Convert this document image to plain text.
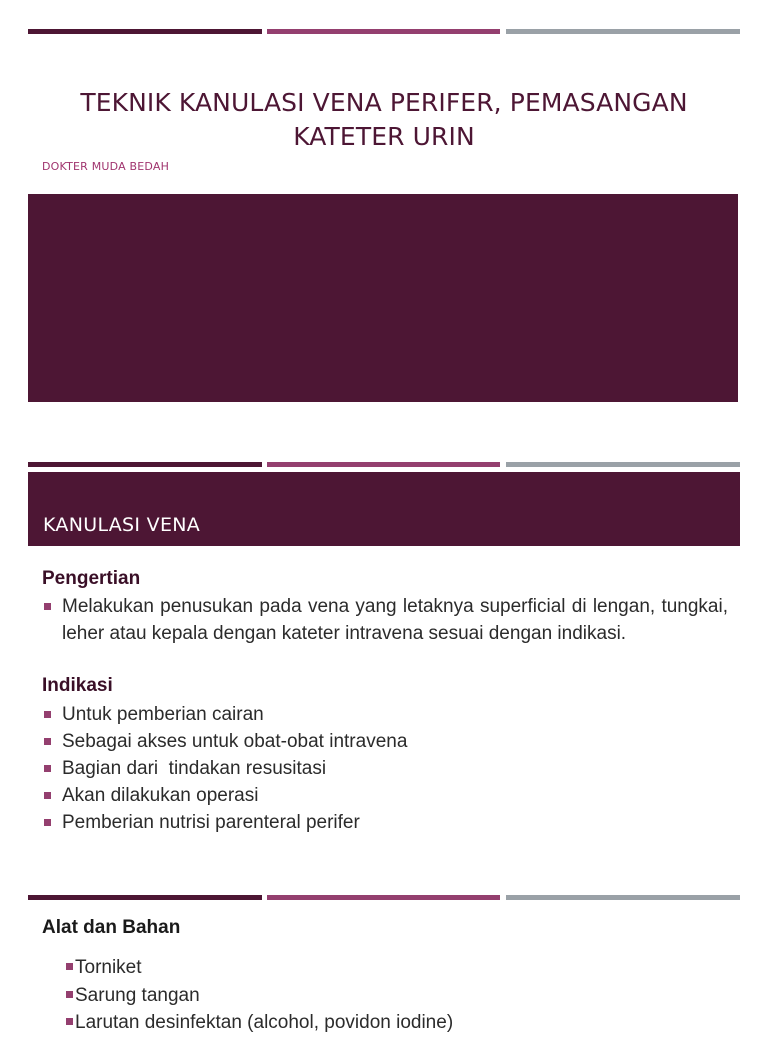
TEKNIK KANULASI VENA PERIFER, PEMASANGAN KATETER URIN
DOKTER MUDA BEDAH
KANULASI VENA
Pengertian
Melakukan penusukan pada vena yang letaknya superficial di lengan, tungkai, leher atau kepala dengan kateter intravena sesuai dengan indikasi.
Indikasi
Untuk pemberian cairan
Sebagai akses untuk obat-obat intravena
Bagian dari  tindakan resusitasi
Akan dilakukan operasi
Pemberian nutrisi parenteral perifer
Alat dan Bahan
Torniket
Sarung tangan
Larutan desinfektan (alcohol, povidon iodine)
